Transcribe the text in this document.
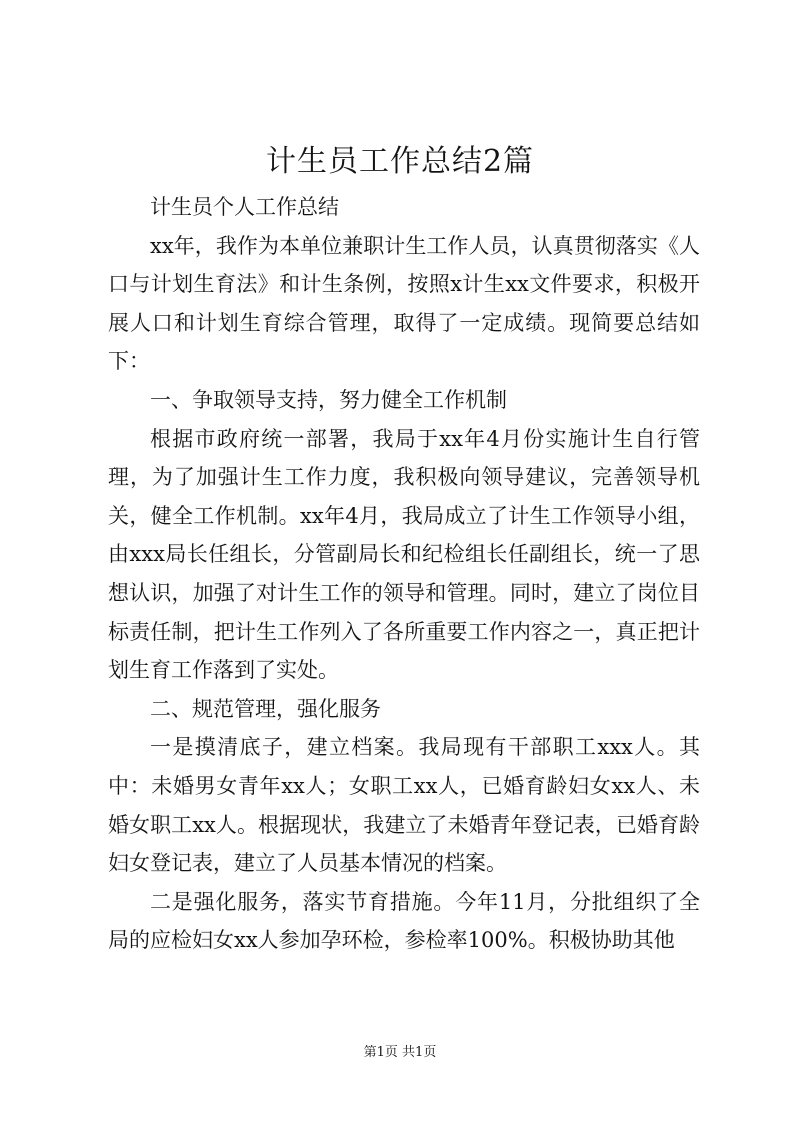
计生员工作总结2篇

计生员个人工作总结

xx年，我作为本单位兼职计生工作人员，认真贯彻落实《人口与计划生育法》和计生条例，按照x计生xx文件要求，积极开展人口和计划生育综合管理，取得了一定成绩。现简要总结如下：

一、争取领导支持，努力健全工作机制

根据市政府统一部署，我局于xx年4月份实施计生自行管理，为了加强计生工作力度，我积极向领导建议，完善领导机关，健全工作机制。xx年4月，我局成立了计生工作领导小组，由xxx局长任组长，分管副局长和纪检组长任副组长，统一了思想认识，加强了对计生工作的领导和管理。同时，建立了岗位目标责任制，把计生工作列入了各所重要工作内容之一，真正把计划生育工作落到了实处。

二、规范管理，强化服务

一是摸清底子，建立档案。我局现有干部职工xxx人。其中：未婚男女青年xx人；女职工xx人，已婚育龄妇女xx人、未婚女职工xx人。根据现状，我建立了未婚青年登记表，已婚育龄妇女登记表，建立了人员基本情况的档案。

二是强化服务，落实节育措施。今年11月，分批组织了全局的应检妇女xx人参加孕环检，参检率100%。积极协助其他

第1页 共1页
